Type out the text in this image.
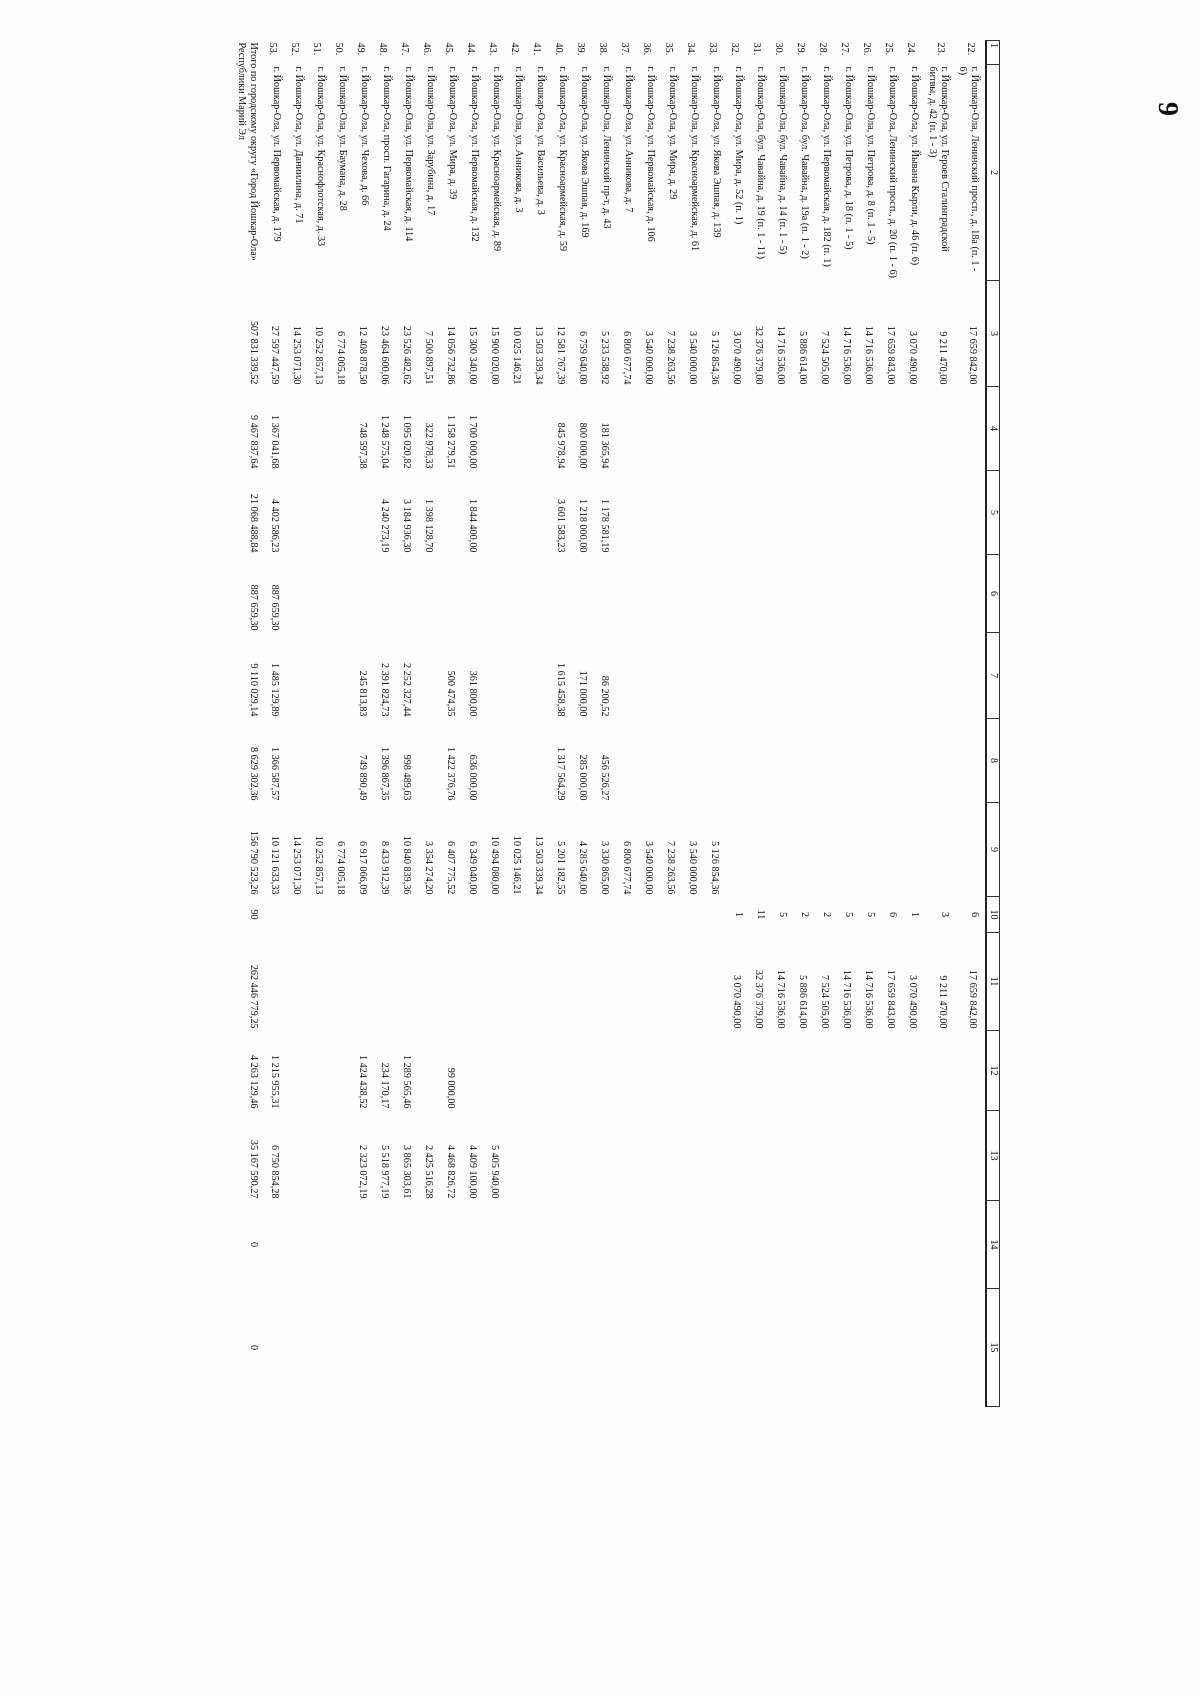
9
1	2	3	4	5	6	7	8	9	10	11	12	13	14	15
22.	г. Йошкар-Ола, Ленинский просп., д. 18а (п. 1 - 6)	17 659 842,00							6	17 659 842,00				
23.	г. Йошкар-Ола, ул. Героев Сталинградской битвы, д. 42 (п. 1 - 3)	9 211 470,00							3	9 211 470,00				
24.	г. Йошкар-Ола, ул. Йывана Кырли, д. 46 (п. 6)	3 070 490,00							1	3 070 490,00				
25.	г. Йошкар-Ола, Ленинский просп., д. 20 (п. 1 - 6)	17 659 843,00							6	17 659 843,00				
26.	г. Йошкар-Ола, ул. Петрова, д. 8 (п. 1 - 5)	14 716 536,00							5	14 716 536,00				
27.	г. Йошкар-Ола, ул. Петрова, д. 18 (п. 1 - 5)	14 716 536,00							5	14 716 536,00				
28.	г. Йошкар-Ола, ул. Первомайская, д. 182 (п. 1)	7 524 505,00							2	7 524 505,00				
29.	г. Йошкар-Ола, бул. Чавайна, д. 19а (п. 1 - 2)	5 886 614,00							2	5 886 614,00				
30.	г. Йошкар-Ола, бул. Чавайна, д. 14 (п. 1 - 5)	14 716 536,00							5	14 716 536,00				
31.	г. Йошкар-Ола, бул. Чавайна, д. 19 (п. 1 - 11)	32 376 379,00							11	32 376 379,00				
32.	г. Йошкар-Ола, ул. Мира, д. 52 (п. 1)	3 070 490,00							1	3 070 490,00				
33.	г. Йошкар-Ола, ул. Якова Эшпая, д. 139	5 126 854,36						5 126 854,36						
34.	г. Йошкар-Ола, ул. Красноармейская, д. 61	3 540 000,00						3 540 000,00						
35.	г. Йошкар-Ола, ул. Мира, д. 29	7 238 263,56						7 238 263,56						
36.	г. Йошкар-Ола, ул. Первомайская, д. 106	3 540 000,00						3 540 000,00						
37.	г. Йошкар-Ола, ул. Анникова, д. 7	6 800 677,74						6 800 677,74						
38.	г. Йошкар-Ола, Ленинский пр-т, д. 43	5 233 538,92	181 365,94	1 178 581,19		86 200,52	456 526,27	3 330 865,00						
39.	г. Йошкар-Ола, ул. Якова Эшпая, д. 169	6 759 640,00	800 000,00	1 218 000,00		171 000,00	285 000,00	4 285 640,00						
40.	г. Йошкар-Ола, ул. Красноармейская, д. 59	12 581 767,39	845 978,94	3 601 583,23		1 615 458,38	1 317 564,29	5 201 182,55						
41.	г. Йошкар-Ола, ул. Васильева, д. 3	13 503 339,34						13 503 339,34						
42.	г. Йошкар-Ола, ул. Анникова, д. 3	10 025 146,21						10 025 146,21						
43.	г. Йошкар-Ола, ул. Красноармейская, д. 89	15 900 020,00						10 494 080,00				5 405 940,00		
44.	г. Йошкар-Ола, ул. Первомайская, д. 132	15 300 340,00	1 700 000,00	1 844 400,00		361 800,00	636 000,00	6 349 040,00				4 409 100,00		
45.	г. Йошкар-Ола, ул. Мира, д. 39	14 056 732,86	1 158 279,51			500 474,35	1 422 376,76	6 407 775,52			99 000,00	4 468 826,72		
46.	г. Йошкар-Ола, ул. Зарубина, д. 17	7 500 897,51	322 978,33	1 398 128,70				3 354 274,20				2 425 516,28		
47.	г. Йошкар-Ола, ул. Первомайская, д. 114	23 526 482,62	1 095 020,82	3 184 936,30		2 252 327,44	998 489,63	10 840 839,36			1 289 565,46	3 865 303,61		
48.	г. Йошкар-Ола, просп. Гагарина, д. 24	23 464 600,06	1 248 575,04	4 240 273,19		2 391 824,73	1 396 867,35	8 433 912,39			234 170,17	5 518 977,19		
49.	г. Йошкар-Ола, ул. Чехова, д. 66	12 408 878,50	748 597,38			245 813,83	749 890,49	6 917 066,09			1 424 438,52	2 323 072,19		
50.	г. Йошкар-Ола, ул. Баумана, д. 28	6 774 005,18						6 774 005,18						
51.	г. Йошкар-Ола, ул. Краснофлотская, д. 33	10 252 857,13						10 252 857,13						
52.	г. Йошкар-Ола, ул. Даниилина, д. 71	14 253 071,30						14 253 071,30						
53.	г. Йошкар-Ола, ул. Первомайская, д. 179	27 597 447,59	1 367 041,68	4 402 586,23	887 659,30	1 485 129,89	1 366 587,57	10 121 633,33			1 215 955,31	6 750 854,28		
Итого по городскому округу «Город Йошкар-Ола» Республики Марий Эл		507 831 339,52	9 467 837,64	21 068 488,84	887 659,30	9 110 029,14	8 629 302,36	156 790 523,26	90	262 446 779,25	4 263 129,46	35 167 590,27	0	0
